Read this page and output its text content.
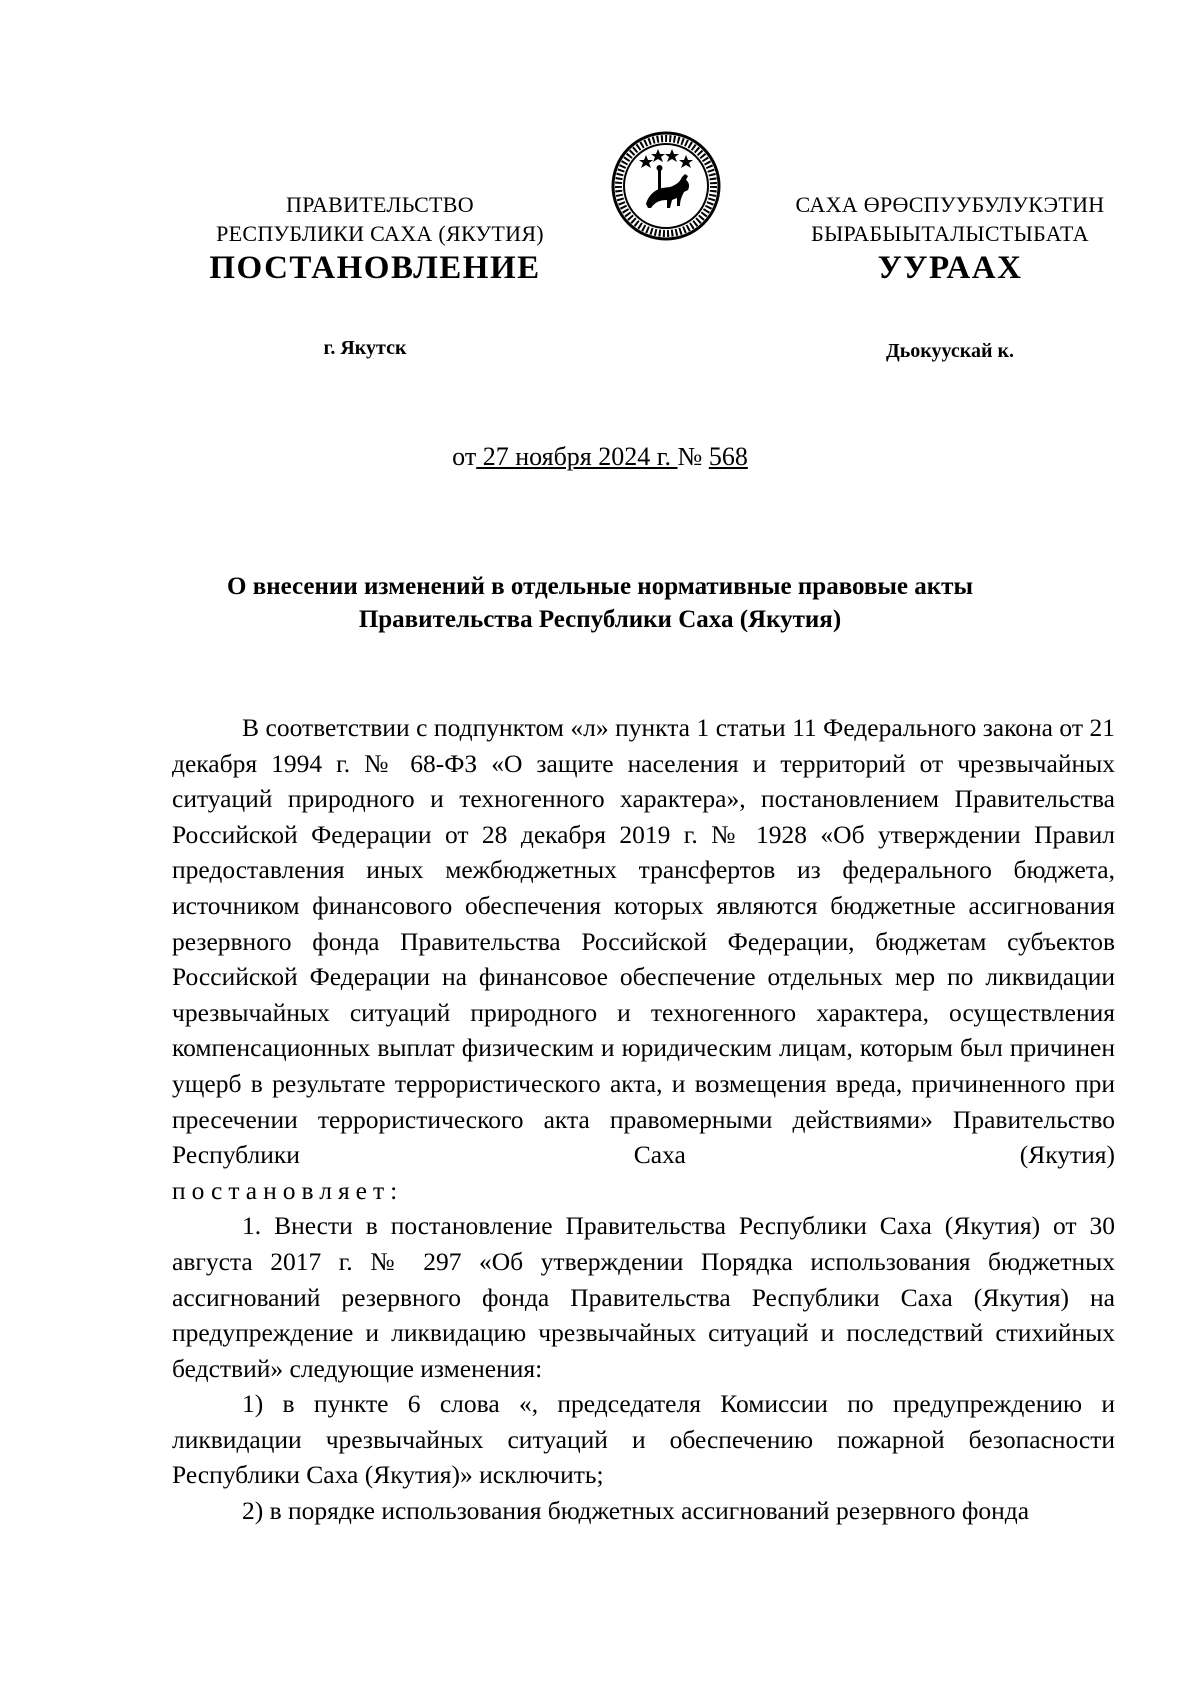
ПРАВИТЕЛЬСТВО
РЕСПУБЛИКИ САХА (ЯКУТИЯ)
САХА ӨРӨСПУУБУЛУКЭТИН
БЫРАБЫЫТАЛЫСТЫБАТА
ПОСТАНОВЛЕНИЕ	УУРААХ
г. Якутск	Дьокуускай к.
от 27 ноября 2024 г. № 568
О внесении изменений в отдельные нормативные правовые акты
Правительства Республики Саха (Якутия)

В соответствии с подпунктом «л» пункта 1 статьи 11 Федерального закона от 21 декабря 1994 г. № 68-ФЗ «О защите населения и территорий от чрезвычайных ситуаций природного и техногенного характера», постановлением Правительства Российской Федерации от 28 декабря 2019 г. № 1928 «Об утверждении Правил предоставления иных межбюджетных трансфертов из федерального бюджета, источником финансового обеспечения которых являются бюджетные ассигнования резервного фонда Правительства Российской Федерации, бюджетам субъектов Российской Федерации на финансовое обеспечение отдельных мер по ликвидации чрезвычайных ситуаций природного и техногенного характера, осуществления компенсационных выплат физическим и юридическим лицам, которым был причинен ущерб в результате террористического акта, и возмещения вреда, причиненного при пресечении террористического акта правомерными действиями» Правительство Республики Саха (Якутия)

постановляет:

1. Внести в постановление Правительства Республики Саха (Якутия) от 30 августа 2017 г. № 297 «Об утверждении Порядка использования бюджетных ассигнований резервного фонда Правительства Республики Саха (Якутия) на предупреждение и ликвидацию чрезвычайных ситуаций и последствий стихийных бедствий» следующие изменения:

1) в пункте 6 слова «, председателя Комиссии по предупреждению и ликвидации чрезвычайных ситуаций и обеспечению пожарной безопасности Республики Саха (Якутия)» исключить;

2) в порядке использования бюджетных ассигнований резервного фонда
